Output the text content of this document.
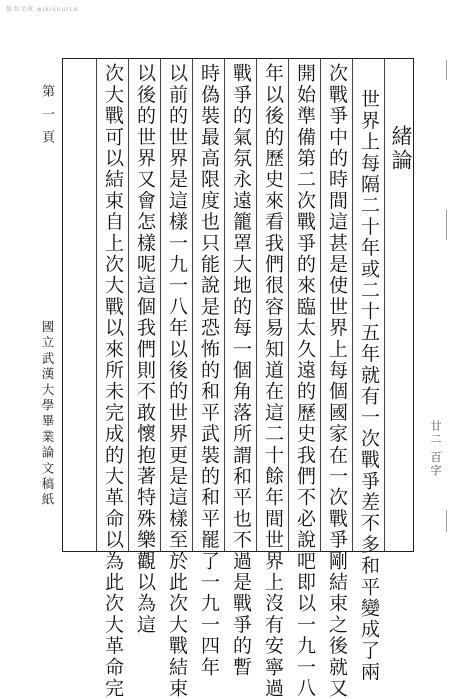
維基文庫 wikisource
第 一 頁
國立武漢大學畢業論文稿紙	廿二 百字
緒論
世界上每隔二十年或二十五年就有一次戰爭差不多和平變成了兩
次戰爭中的時間這甚是使世界上每個國家在一次戰爭剛結束之後就又
開始準備第二次戰爭的來臨太久遠的歷史我們不必說吧即以一九一八
年以後的歷史來看我們很容易知道在這二十餘年間世界上沒有安寧過
戰爭的氣氛永遠籠罩大地的每一個角落所謂和平也不過是戰爭的暫
時偽裝最高限度也只能說是恐怖的和平武裝的和平罷了一九一四年
以前的世界是這樣一九一八年以後的世界更是這樣至於此次大戰結束
以後的世界又會怎樣呢這個我們則不敢懷抱著特殊樂觀以為這
次大戰可以結束自上次大戰以來所未完成的大革命以為此次大革命完
